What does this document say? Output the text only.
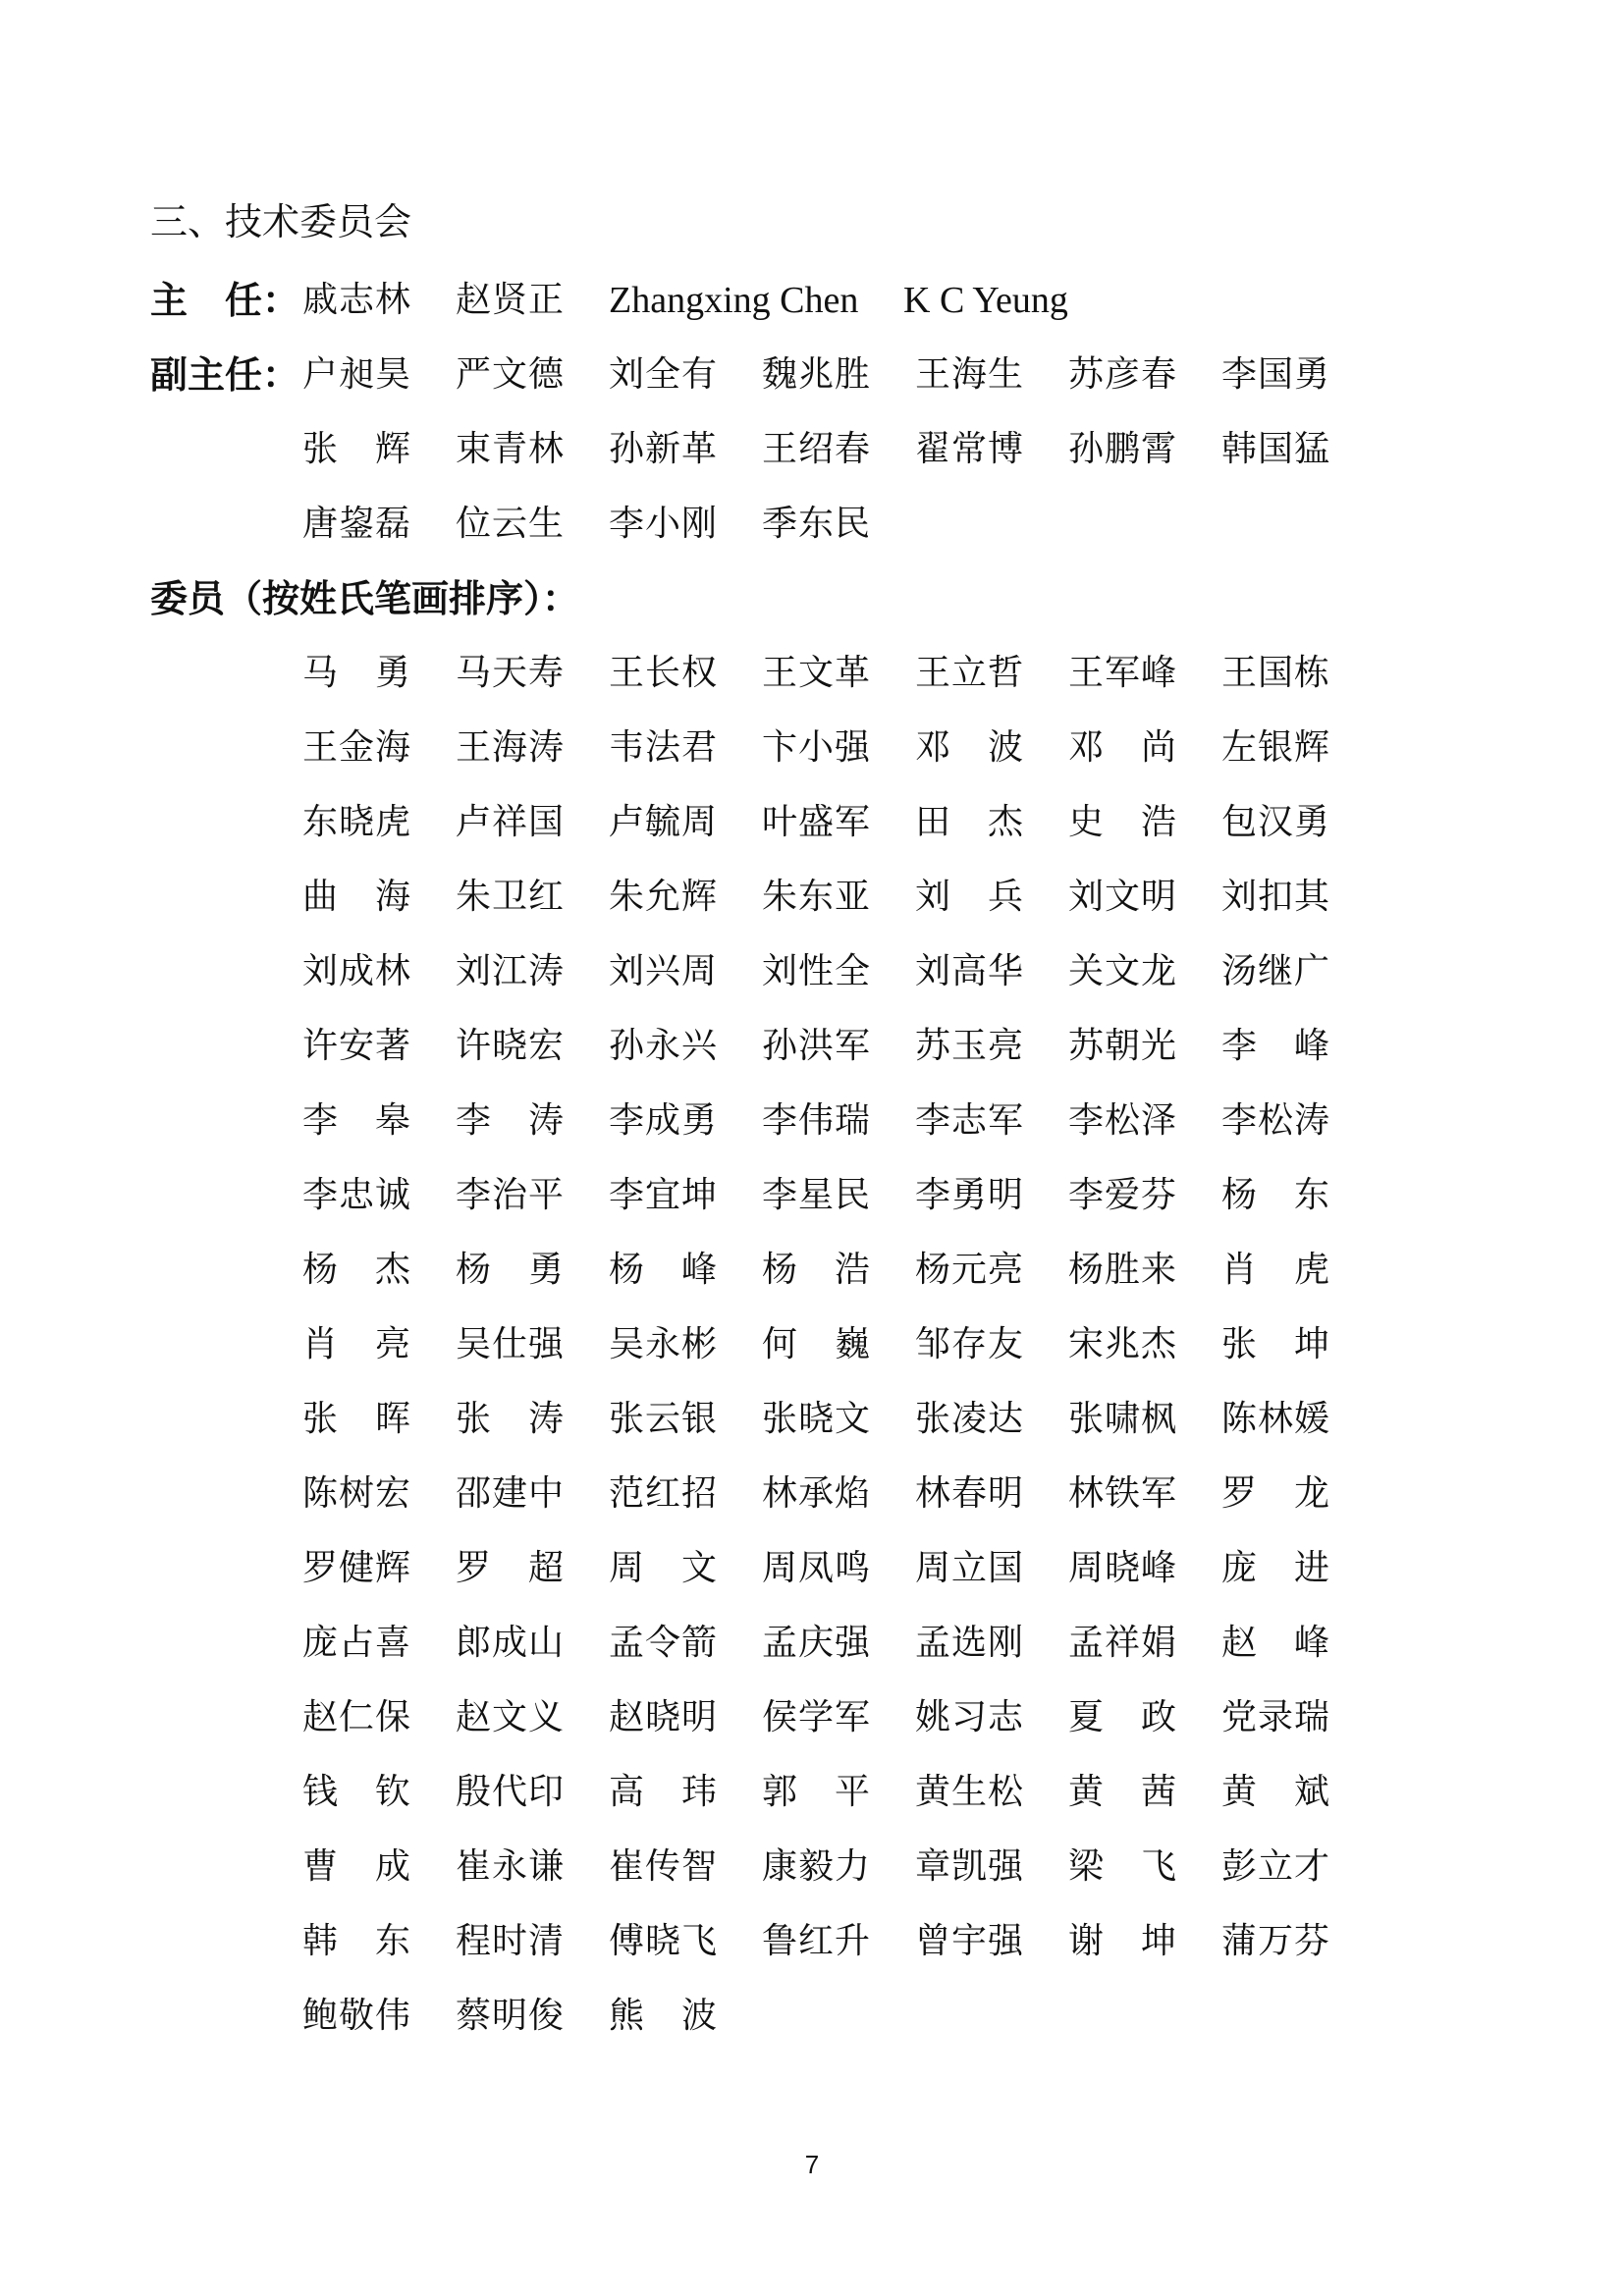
三、技术委员会
主　任： 戚志林	赵贤正	Zhangxing Chen	K C Yeung
副主任： 户昶昊	严文德	刘全有	魏兆胜	王海生	苏彦春	李国勇
张　辉	束青林	孙新革	王绍春	翟常博	孙鹏霄	韩国猛
唐鋆磊	位云生	李小刚	季东民
委员（按姓氏笔画排序）：
马　勇	马天寿	王长权	王文革	王立哲	王军峰	王国栋
王金海	王海涛	韦法君	卞小强	邓　波	邓　尚	左银辉
东晓虎	卢祥国	卢毓周	叶盛军	田　杰	史　浩	包汉勇
曲　海	朱卫红	朱允辉	朱东亚	刘　兵	刘文明	刘扣其
刘成林	刘江涛	刘兴周	刘性全	刘高华	关文龙	汤继广
许安著	许晓宏	孙永兴	孙洪军	苏玉亮	苏朝光	李　峰
李　皋	李　涛	李成勇	李伟瑞	李志军	李松泽	李松涛
李忠诚	李治平	李宜坤	李星民	李勇明	李爱芬	杨　东
杨　杰	杨　勇	杨　峰	杨　浩	杨元亮	杨胜来	肖　虎
肖　亮	吴仕强	吴永彬	何　巍	邹存友	宋兆杰	张　坤
张　晖	张　涛	张云银	张晓文	张凌达	张啸枫	陈林媛
陈树宏	邵建中	范红招	林承焰	林春明	林铁军	罗　龙
罗健辉	罗　超	周　文	周凤鸣	周立国	周晓峰	庞　进
庞占喜	郎成山	孟令箭	孟庆强	孟选刚	孟祥娟	赵　峰
赵仁保	赵文义	赵晓明	侯学军	姚习志	夏　政	党录瑞
钱　钦	殷代印	高　玮	郭　平	黄生松	黄　茜	黄　斌
曹　成	崔永谦	崔传智	康毅力	章凯强	梁　飞	彭立才
韩　东	程时清	傅晓飞	鲁红升	曾宇强	谢　坤	蒲万芬
鲍敬伟	蔡明俊	熊　波
7
